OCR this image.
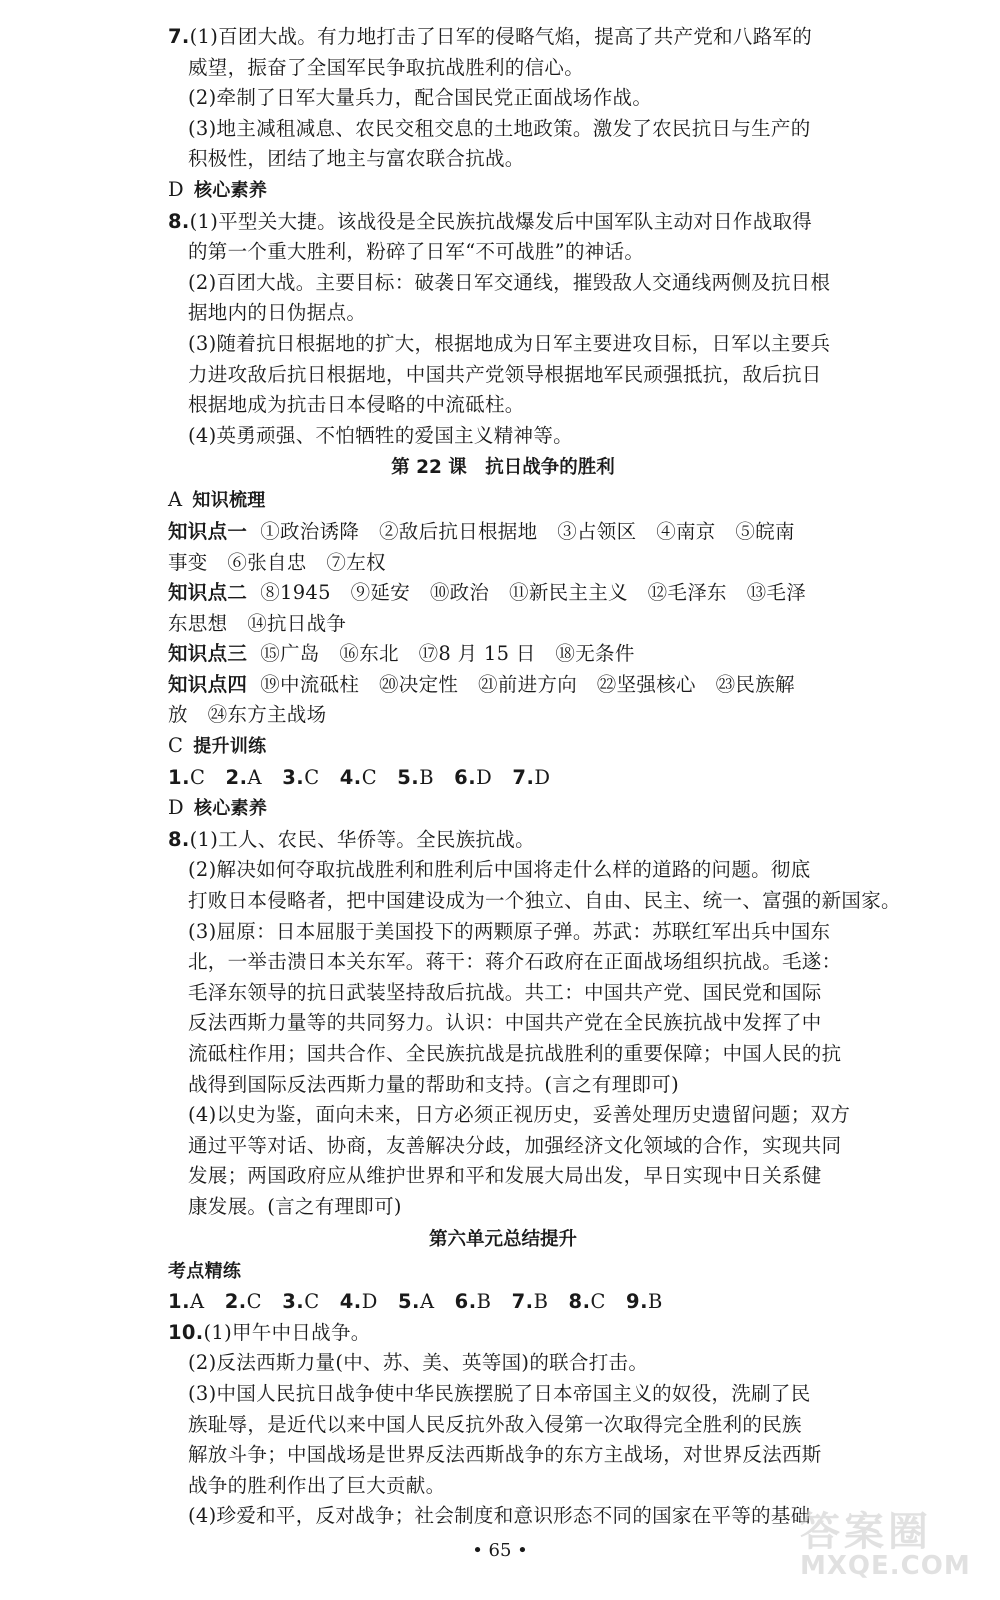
7.(1)百团大战。有力地打击了日军的侵略气焰，提高了共产党和八路军的
威望，振奋了全国军民争取抗战胜利的信心。
(2)牵制了日军大量兵力，配合国民党正面战场作战。
(3)地主减租减息、农民交租交息的土地政策。激发了农民抗日与生产的
积极性，团结了地主与富农联合抗战。
D 核心素养
8.(1)平型关大捷。该战役是全民族抗战爆发后中国军队主动对日作战取得
的第一个重大胜利，粉碎了日军“不可战胜”的神话。
(2)百团大战。主要目标：破袭日军交通线，摧毁敌人交通线两侧及抗日根
据地内的日伪据点。
(3)随着抗日根据地的扩大，根据地成为日军主要进攻目标，日军以主要兵
力进攻敌后抗日根据地，中国共产党领导根据地军民顽强抵抗，敌后抗日
根据地成为抗击日本侵略的中流砥柱。
(4)英勇顽强、不怕牺牲的爱国主义精神等。
第 22 课　抗日战争的胜利
A 知识梳理
知识点一 ①政治诱降　②敌后抗日根据地　③占领区　④南京　⑤皖南
事变　⑥张自忠　⑦左权
知识点二 ⑧1945　⑨延安　⑩政治　⑪新民主主义　⑫毛泽东　⑬毛泽
东思想　⑭抗日战争
知识点三 ⑮广岛　⑯东北　⑰8 月 15 日　⑱无条件
知识点四 ⑲中流砥柱　⑳决定性　㉑前进方向　㉒坚强核心　㉓民族解
放　㉔东方主战场
C 提升训练
1.C 2.A 3.C 4.C 5.B 6.D 7.D
D 核心素养
8.(1)工人、农民、华侨等。全民族抗战。
(2)解决如何夺取抗战胜利和胜利后中国将走什么样的道路的问题。彻底
打败日本侵略者，把中国建设成为一个独立、自由、民主、统一、富强的新国家。
(3)屈原：日本屈服于美国投下的两颗原子弹。苏武：苏联红军出兵中国东
北，一举击溃日本关东军。蒋干：蒋介石政府在正面战场组织抗战。毛遂：
毛泽东领导的抗日武装坚持敌后抗战。共工：中国共产党、国民党和国际
反法西斯力量等的共同努力。认识：中国共产党在全民族抗战中发挥了中
流砥柱作用；国共合作、全民族抗战是抗战胜利的重要保障；中国人民的抗
战得到国际反法西斯力量的帮助和支持。(言之有理即可)
(4)以史为鉴，面向未来，日方必须正视历史，妥善处理历史遗留问题；双方
通过平等对话、协商，友善解决分歧，加强经济文化领域的合作，实现共同
发展；两国政府应从维护世界和平和发展大局出发，早日实现中日关系健
康发展。(言之有理即可)
第六单元总结提升
考点精练
1.A 2.C 3.C 4.D 5.A 6.B 7.B 8.C 9.B
10.(1)甲午中日战争。
(2)反法西斯力量(中、苏、美、英等国)的联合打击。
(3)中国人民抗日战争使中华民族摆脱了日本帝国主义的奴役，洗刷了民
族耻辱，是近代以来中国人民反抗外敌入侵第一次取得完全胜利的民族
解放斗争；中国战场是世界反法西斯战争的东方主战场，对世界反法西斯
战争的胜利作出了巨大贡献。
(4)珍爱和平，反对战争；社会制度和意识形态不同的国家在平等的基础
• 65 •	答案圈
MXQE.COM
